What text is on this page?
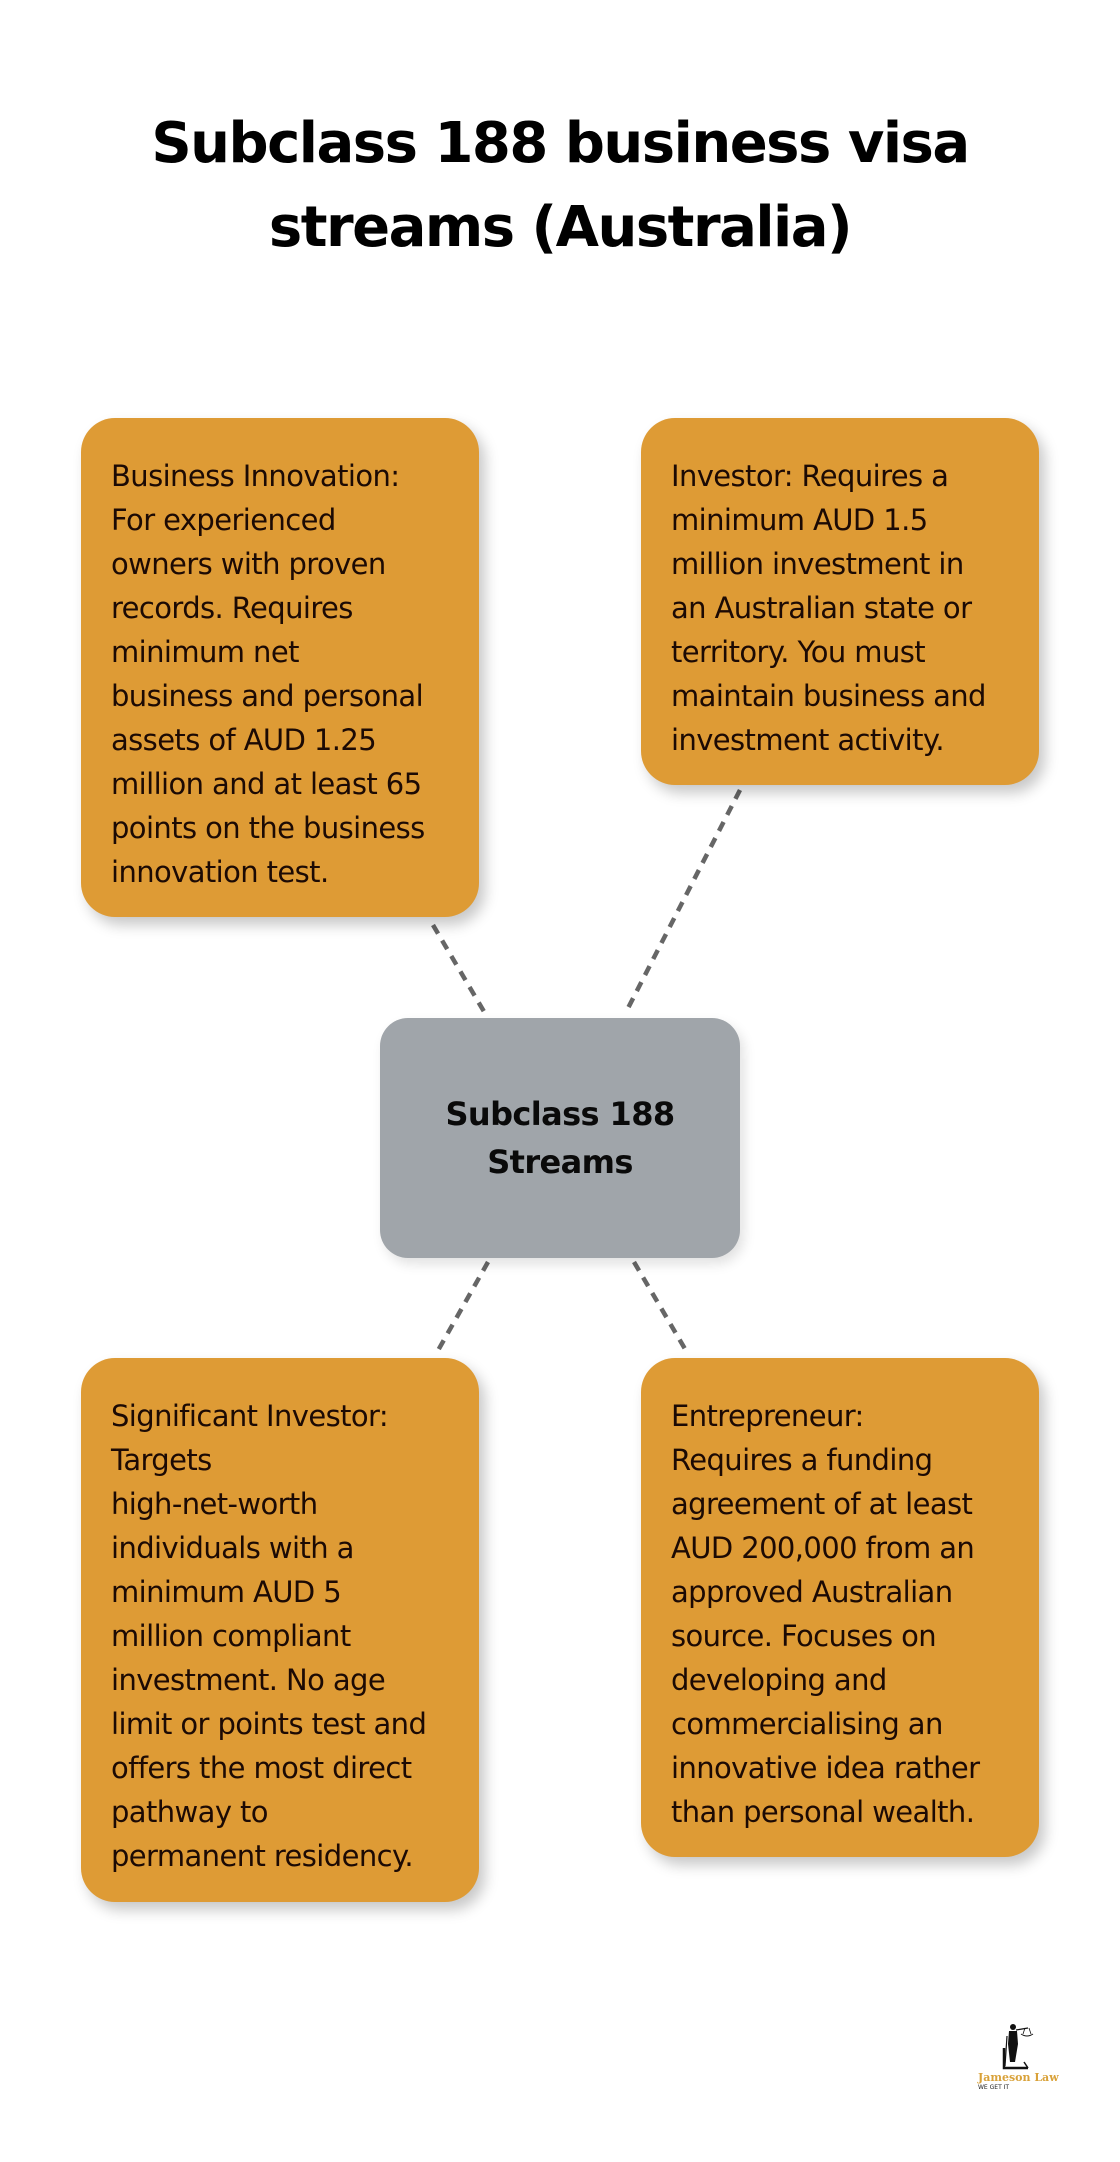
Subclass 188 business visa
streams (Australia)
Business Innovation:
For experienced
owners with proven
records. Requires
minimum net
business and personal
assets of AUD 1.25
million and at least 65
points on the business
innovation test.
Investor: Requires a
minimum AUD 1.5
million investment in
an Australian state or
territory. You must
maintain business and
investment activity.
Subclass 188
Streams
Significant Investor:
Targets
high-net-worth
individuals with a
minimum AUD 5
million compliant
investment. No age
limit or points test and
offers the most direct
pathway to
permanent residency.
Entrepreneur:
Requires a funding
agreement of at least
AUD 200,000 from an
approved Australian
source. Focuses on
developing and
commercialising an
innovative idea rather
than personal wealth.
Jameson Law
WE GET IT
